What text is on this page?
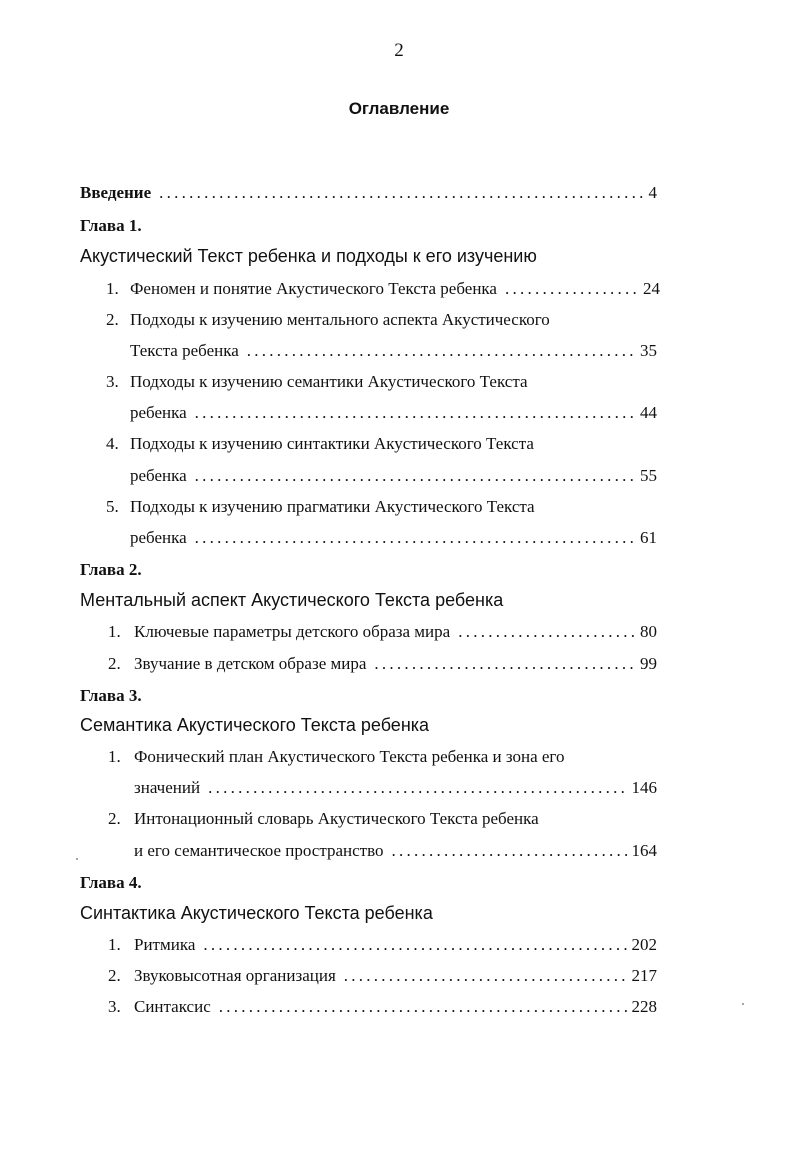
2
Оглавление
Введение . . .	4
Глава 1.
Акустический Текст ребенка и подходы к его изучению
1. Феномен и понятие Акустического Текста ребенка . . .	24
2. Подходы к изучению ментального аспекта Акустического
Текста ребенка . . .	35
3. Подходы к изучению семантики Акустического Текста
ребенка . . .	44
4. Подходы к изучению синтактики Акустического Текста
ребенка . . .	55
5. Подходы к изучению прагматики Акустического Текста
ребенка . . .	61
Глава 2.
Ментальный аспект Акустического Текста ребенка
1. Ключевые параметры детского образа мира . . .	80
2. Звучание в детском образе мира . . .	99
Глава 3.
Семантика Акустического Текста ребенка
1. Фонический план Акустического Текста ребенка и зона его
значений . . .	146
2. Интонационный словарь Акустического Текста ребенка
и его семантическое пространство . . .	164
Глава 4.
Синтактика Акустического Текста ребенка
1. Ритмика . . .	202
2. Звуковысотная организация . . .	217
3. Синтаксис . . .	228
